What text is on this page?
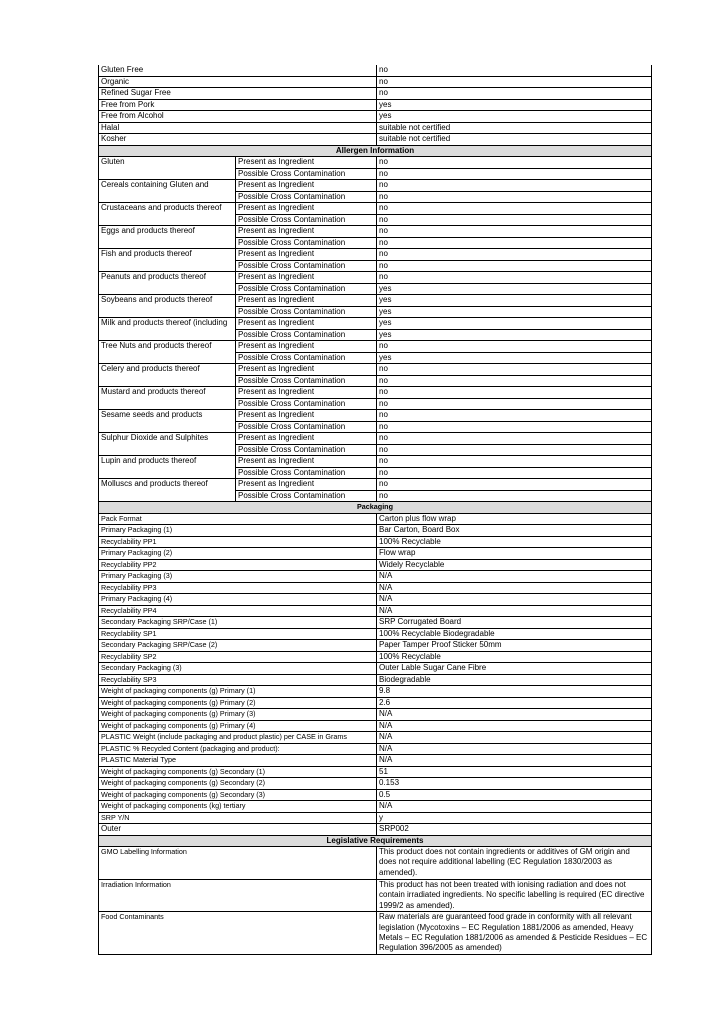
Gluten Free		no
Organic		no
Refined Sugar Free		no
Free from Pork		yes
Free from Alcohol		yes
Halal		suitable not certified
Kosher		suitable not certified
Allergen Information		
Gluten	Present as Ingredient	no
	Possible Cross Contamination	no
Cereals containing Gluten and	Present as Ingredient	no
	Possible Cross Contamination	no
Crustaceans and products thereof	Present as Ingredient	no
	Possible Cross Contamination	no
Eggs and products thereof	Present as Ingredient	no
	Possible Cross Contamination	no
Fish and products thereof	Present as Ingredient	no
	Possible Cross Contamination	no
Peanuts and products thereof	Present as Ingredient	no
	Possible Cross Contamination	yes
Soybeans and products thereof	Present as Ingredient	yes
	Possible Cross Contamination	yes
Milk and products thereof (including	Present as Ingredient	yes
	Possible Cross Contamination	yes
Tree Nuts and products thereof	Present as Ingredient	no
	Possible Cross Contamination	yes
Celery and products thereof	Present as Ingredient	no
	Possible Cross Contamination	no
Mustard and products thereof	Present as Ingredient	no
	Possible Cross Contamination	no
Sesame seeds and products	Present as Ingredient	no
	Possible Cross Contamination	no
Sulphur Dioxide and Sulphites	Present as Ingredient	no
	Possible Cross Contamination	no
Lupin and products thereof	Present as Ingredient	no
	Possible Cross Contamination	no
Molluscs and products thereof	Present as Ingredient	no
	Possible Cross Contamination	no
Packaging		
Pack Format		Carton plus flow wrap
Primary Packaging (1)		Bar Carton, Board Box
Recyclability PP1		100% Recyclable
Primary Packaging (2)		Flow wrap
Recyclability PP2		Widely Recyclable
Primary Packaging (3)		N/A
Recyclability PP3		N/A
Primary Packaging (4)		N/A
Recyclability PP4		N/A
Secondary Packaging SRP/Case (1)		SRP Corrugated Board
Recyclability SP1		100% Recyclable Biodegradable
Secondary Packaging SRP/Case (2)		Paper Tamper Proof Sticker 50mm
Recyclability SP2		100% Recyclable
Secondary Packaging (3)		Outer Lable Sugar Cane Fibre
Recyclability SP3		Biodegradable
Weight of packaging components (g) Primary (1)		9.8
Weight of packaging components (g) Primary (2)		2.6
Weight of packaging components (g) Primary (3)		N/A
Weight of packaging components (g) Primary (4)		N/A
PLASTIC Weight (include packaging and product plastic) per CASE in Grams		N/A
PLASTIC % Recycled Content (packaging and product):		N/A
PLASTIC Material Type		N/A
Weight of packaging components (g) Secondary (1)		51
Weight of packaging components (g) Secondary (2)		0.153
Weight of packaging components (g) Secondary (3)		0.5
Weight of packaging components (kg) tertiary		N/A
SRP Y/N		y
Outer		SRP002
Legislative Requirements		
GMO Labelling Information		This product does not contain ingredients or additives of GM origin and does not require additional labelling (EC Regulation 1830/2003 as amended).
Irradiation Information		This product has not been treated with ionising radiation and does not contain irradiated ingredients. No specific labelling is required (EC directive 1999/2 as amended).
Food Contaminants		Raw materials are guaranteed food grade in conformity with all relevant legislation (Mycotoxins – EC Regulation 1881/2006 as amended, Heavy Metals – EC Regulation 1881/2006 as amended & Pesticide Residues – EC Regulation 396/2005 as amended)
